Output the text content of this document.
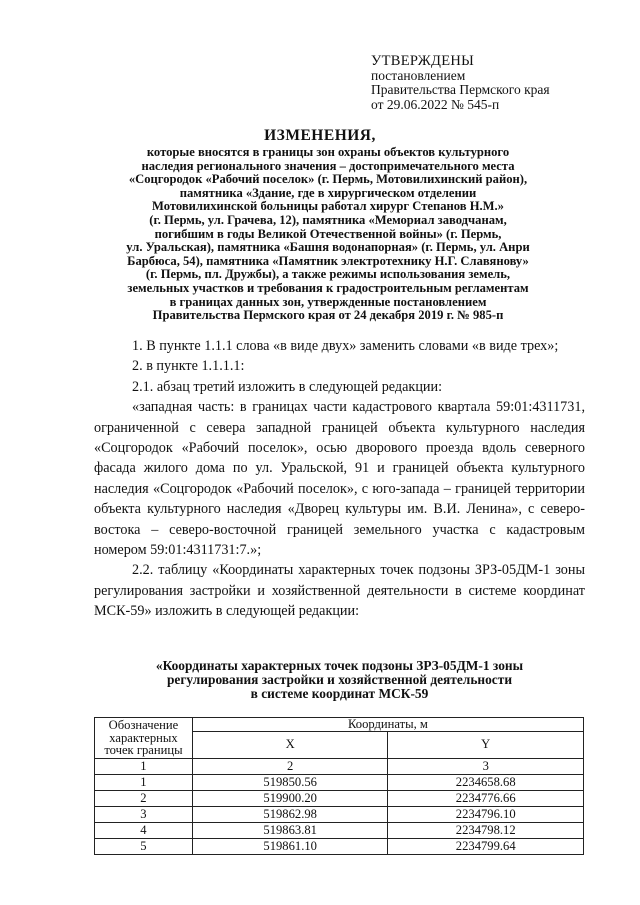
УТВЕРЖДЕНЫ
постановлением
Правительства Пермского края
от 29.06.2022 № 545-п
ИЗМЕНЕНИЯ,
которые вносятся в границы зон охраны объектов культурного
наследия регионального значения – достопримечательного места
«Соцгородок «Рабочий поселок» (г. Пермь, Мотовилихинский район),
памятника «Здание, где в хирургическом отделении
Мотовилихинской больницы работал хирург Степанов Н.М.»
(г. Пермь, ул. Грачева, 12), памятника «Мемориал заводчанам,
погибшим в годы Великой Отечественной войны» (г. Пермь,
ул. Уральская), памятника «Башня водонапорная» (г. Пермь, ул. Анри
Барбюса, 54), памятника «Памятник электротехнику Н.Г. Славянову»
(г. Пермь, пл. Дружбы), а также режимы использования земель,
земельных участков и требования к градостроительным регламентам
в границах данных зон, утвержденные постановлением
Правительства Пермского края от 24 декабря 2019 г. № 985-п

1. В пункте 1.1.1 слова «в виде двух» заменить словами «в виде трех»;

2. в пункте 1.1.1.1:

2.1. абзац третий изложить в следующей редакции:

«западная часть: в границах части кадастрового квартала 59:01:4311731, ограниченной с севера западной границей объекта культурного наследия «Соцгородок «Рабочий поселок», осью дворового проезда вдоль северного фасада жилого дома по ул. Уральской, 91 и границей объекта культурного наследия «Соцгородок «Рабочий поселок», с юго-запада – границей территории объекта культурного наследия «Дворец культуры им. В.И. Ленина», с северо-востока – северо-восточной границей земельного участка с кадастровым номером 59:01:4311731:7.»;

2.2. таблицу «Координаты характерных точек подзоны ЗРЗ-05ДМ-1 зоны регулирования застройки и хозяйственной деятельности в системе координат МСК-59» изложить в следующей редакции:

«Координаты характерных точек подзоны ЗРЗ-05ДМ-1 зоны
регулирования застройки и хозяйственной деятельности
в системе координат МСК-59
Обозначение характерных точек границы	Координаты, м	
	X	Y
1	2	3
1	519850.56	2234658.68
2	519900.20	2234776.66
3	519862.98	2234796.10
4	519863.81	2234798.12
5	519861.10	2234799.64
